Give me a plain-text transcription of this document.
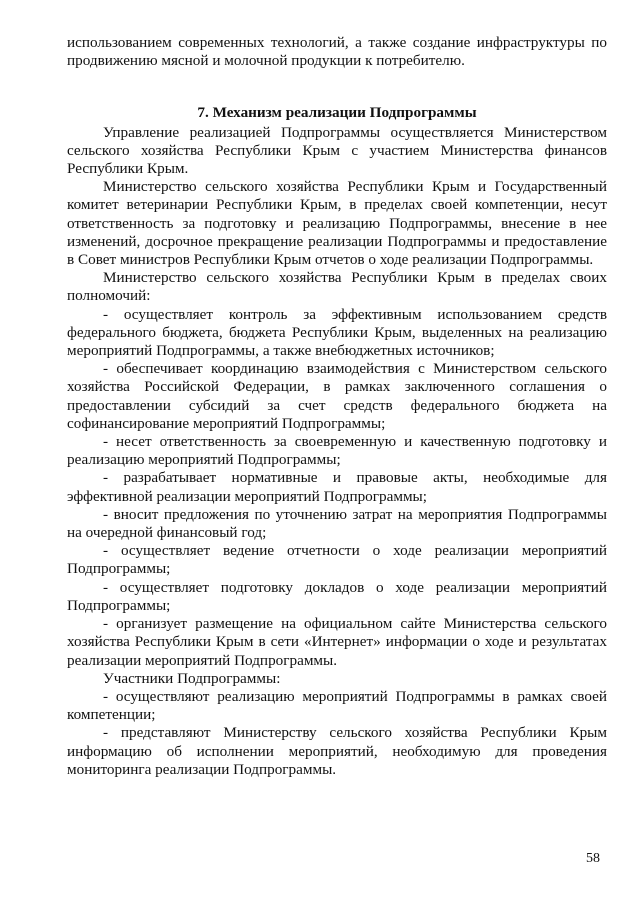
использованием современных технологий, а также создание инфраструктуры по продвижению мясной и молочной продукции к потребителю.

7. Механизм реализации Подпрограммы

Управление реализацией Подпрограммы осуществляется Министерством сельского хозяйства Республики Крым с участием Министерства финансов Республики Крым.

Министерство сельского хозяйства Республики Крым и Государственный комитет ветеринарии Республики Крым, в пределах своей компетенции, несут ответственность за подготовку и реализацию Подпрограммы, внесение в нее изменений, досрочное прекращение реализации Подпрограммы и предоставление в Совет министров Республики Крым отчетов о ходе реализации Подпрограммы.

Министерство сельского хозяйства Республики Крым в пределах своих полномочий:

- осуществляет контроль за эффективным использованием средств федерального бюджета, бюджета Республики Крым, выделенных на реализацию мероприятий Подпрограммы, а также внебюджетных источников;

- обеспечивает координацию взаимодействия с Министерством сельского хозяйства Российской Федерации, в рамках заключенного соглашения о предоставлении субсидий за счет средств федерального бюджета на софинансирование мероприятий Подпрограммы;

- несет ответственность за своевременную и качественную подготовку и реализацию мероприятий Подпрограммы;

- разрабатывает нормативные и правовые акты, необходимые для эффективной реализации мероприятий Подпрограммы;

- вносит предложения по уточнению затрат на мероприятия Подпрограммы на очередной финансовый год;

- осуществляет ведение отчетности о ходе реализации мероприятий Подпрограммы;

- осуществляет подготовку докладов о ходе реализации мероприятий Подпрограммы;

- организует размещение на официальном сайте Министерства сельского хозяйства Республики Крым в сети «Интернет» информации о ходе и результатах реализации мероприятий Подпрограммы.

Участники Подпрограммы:

- осуществляют реализацию мероприятий Подпрограммы в рамках своей компетенции;

- представляют Министерству сельского хозяйства Республики Крым информацию об исполнении мероприятий, необходимую для проведения мониторинга реализации Подпрограммы.

58
